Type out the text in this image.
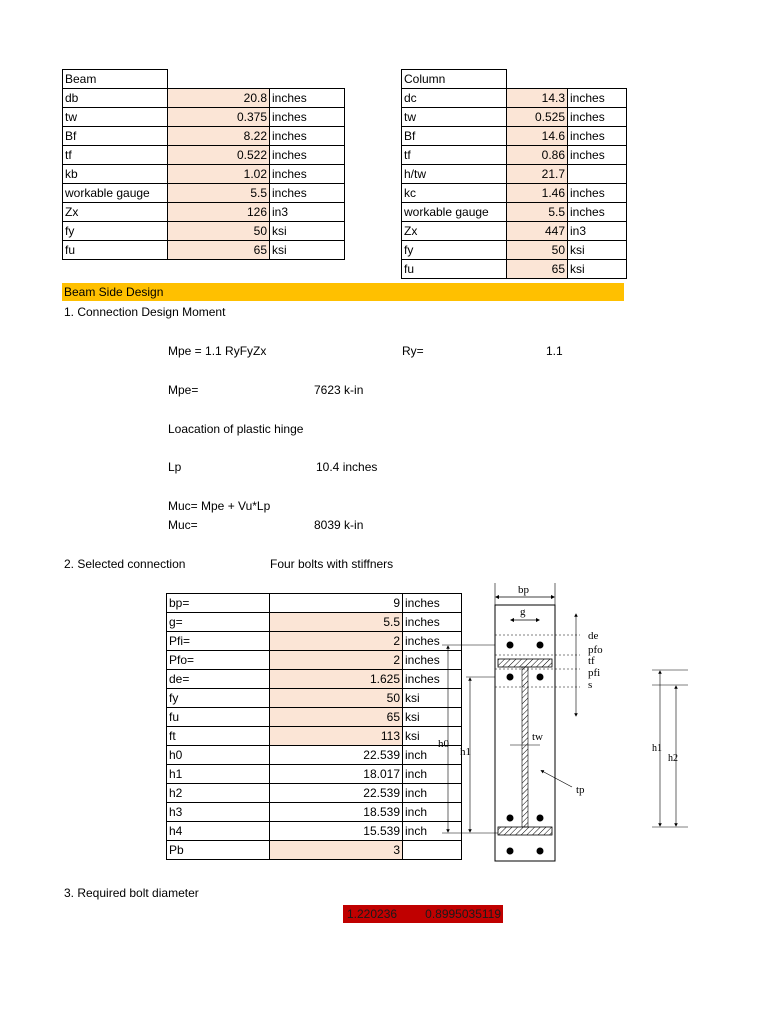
Beam		
db	20.8	inches
tw	0.375	inches
Bf	8.22	inches
tf	0.522	inches
kb	1.02	inches
workable gauge	5.5	inches
Zx	126	in3
fy	50	ksi
fu	65	ksi
Column		
dc	14.3	inches
tw	0.525	inches
Bf	14.6	inches
tf	0.86	inches
h/tw	21.7	
kc	1.46	inches
workable gauge	5.5	inches
Zx	447	in3
fy	50	ksi
fu	65	ksi
Beam Side Design
1. Connection Design Moment
Mpe = 1.1 RyFyZx	Ry=	1.1
Mpe=	7623 k-in
Loacation of plastic hinge
Lp	10.4 inches
Muc= Mpe + Vu*Lp
Muc=	8039 k-in
2. Selected connection	Four bolts with stiffners
bp=	9	inches
g=	5.5	inches
Pfi=	2	inches
Pfo=	2	inches
de=	1.625	inches
fy	50	ksi
fu	65	ksi
ft	113	ksi
h0	22.539	inch
h1	18.017	inch
h2	22.539	inch
h3	18.539	inch
h4	15.539	inch
Pb	3	
bp
g
de
pfo
tf
pfi
s
h0
h1
tw
tp
h1
h2
3. Required bolt diameter
1.220236 0.8995035119
